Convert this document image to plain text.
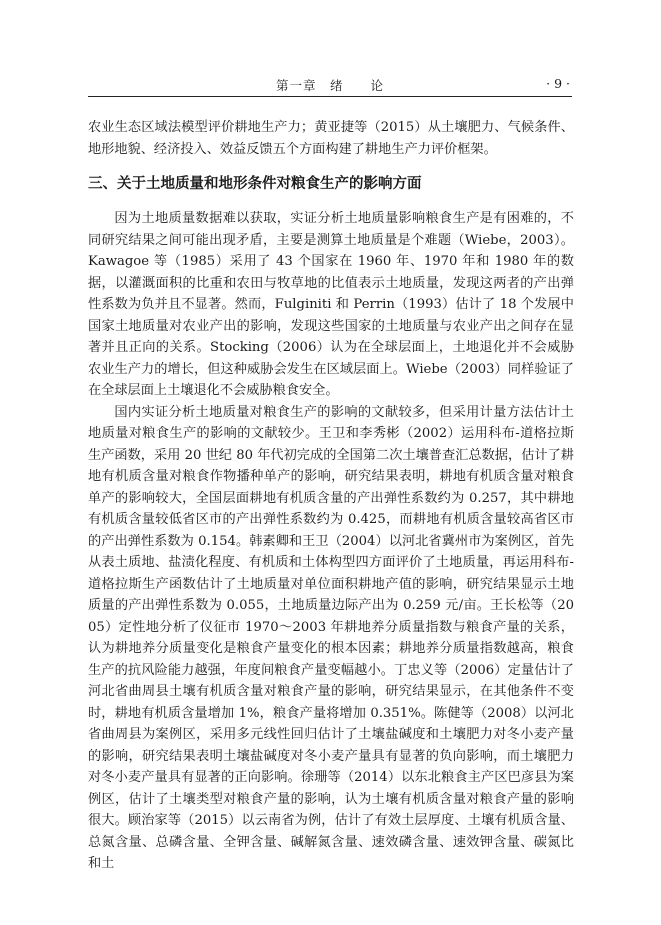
第一章　绪　　论	· 9 ·

农业生态区域法模型评价耕地生产力；黄亚捷等（2015）从土壤肥力、气候条件、地形地貌、经济投入、效益反馈五个方面构建了耕地生产力评价框架。

三、关于土地质量和地形条件对粮食生产的影响方面

因为土地质量数据难以获取，实证分析土地质量影响粮食生产是有困难的，不同研究结果之间可能出现矛盾，主要是测算土地质量是个难题（Wiebe，2003）。Kawagoe 等（1985）采用了 43 个国家在 1960 年、1970 年和 1980 年的数据，以灌溉面积的比重和农田与牧草地的比值表示土地质量，发现这两者的产出弹性系数为负并且不显著。然而，Fulginiti 和 Perrin（1993）估计了 18 个发展中国家土地质量对农业产出的影响，发现这些国家的土地质量与农业产出之间存在显著并且正向的关系。Stocking（2006）认为在全球层面上，土地退化并不会威胁农业生产力的增长，但这种威胁会发生在区域层面上。Wiebe（2003）同样验证了在全球层面上土壤退化不会威胁粮食安全。

国内实证分析土地质量对粮食生产的影响的文献较多，但采用计量方法估计土地质量对粮食生产的影响的文献较少。王卫和李秀彬（2002）运用科布-道格拉斯生产函数，采用 20 世纪 80 年代初完成的全国第二次土壤普查汇总数据，估计了耕地有机质含量对粮食作物播种单产的影响，研究结果表明，耕地有机质含量对粮食单产的影响较大，全国层面耕地有机质含量的产出弹性系数约为 0.257，其中耕地有机质含量较低省区市的产出弹性系数约为 0.425，而耕地有机质含量较高省区市的产出弹性系数为 0.154。韩素卿和王卫（2004）以河北省冀州市为案例区，首先从表土质地、盐渍化程度、有机质和土体构型四方面评价了土地质量，再运用科布-道格拉斯生产函数估计了土地质量对单位面积耕地产值的影响，研究结果显示土地质量的产出弹性系数为 0.055，土地质量边际产出为 0.259 元/亩。王长松等（2005）定性地分析了仪征市 1970～2003 年耕地养分质量指数与粮食产量的关系，认为耕地养分质量变化是粮食产量变化的根本因素；耕地养分质量指数越高，粮食生产的抗风险能力越强，年度间粮食产量变幅越小。丁忠义等（2006）定量估计了河北省曲周县土壤有机质含量对粮食产量的影响，研究结果显示，在其他条件不变时，耕地有机质含量增加 1%，粮食产量将增加 0.351%。陈健等（2008）以河北省曲周县为案例区，采用多元线性回归估计了土壤盐碱度和土壤肥力对冬小麦产量的影响，研究结果表明土壤盐碱度对冬小麦产量具有显著的负向影响，而土壤肥力对冬小麦产量具有显著的正向影响。徐珊等（2014）以东北粮食主产区巴彦县为案例区，估计了土壤类型对粮食产量的影响，认为土壤有机质含量对粮食产量的影响很大。顾治家等（2015）以云南省为例，估计了有效土层厚度、土壤有机质含量、总氮含量、总磷含量、全钾含量、碱解氮含量、速效磷含量、速效钾含量、碳氮比和土
